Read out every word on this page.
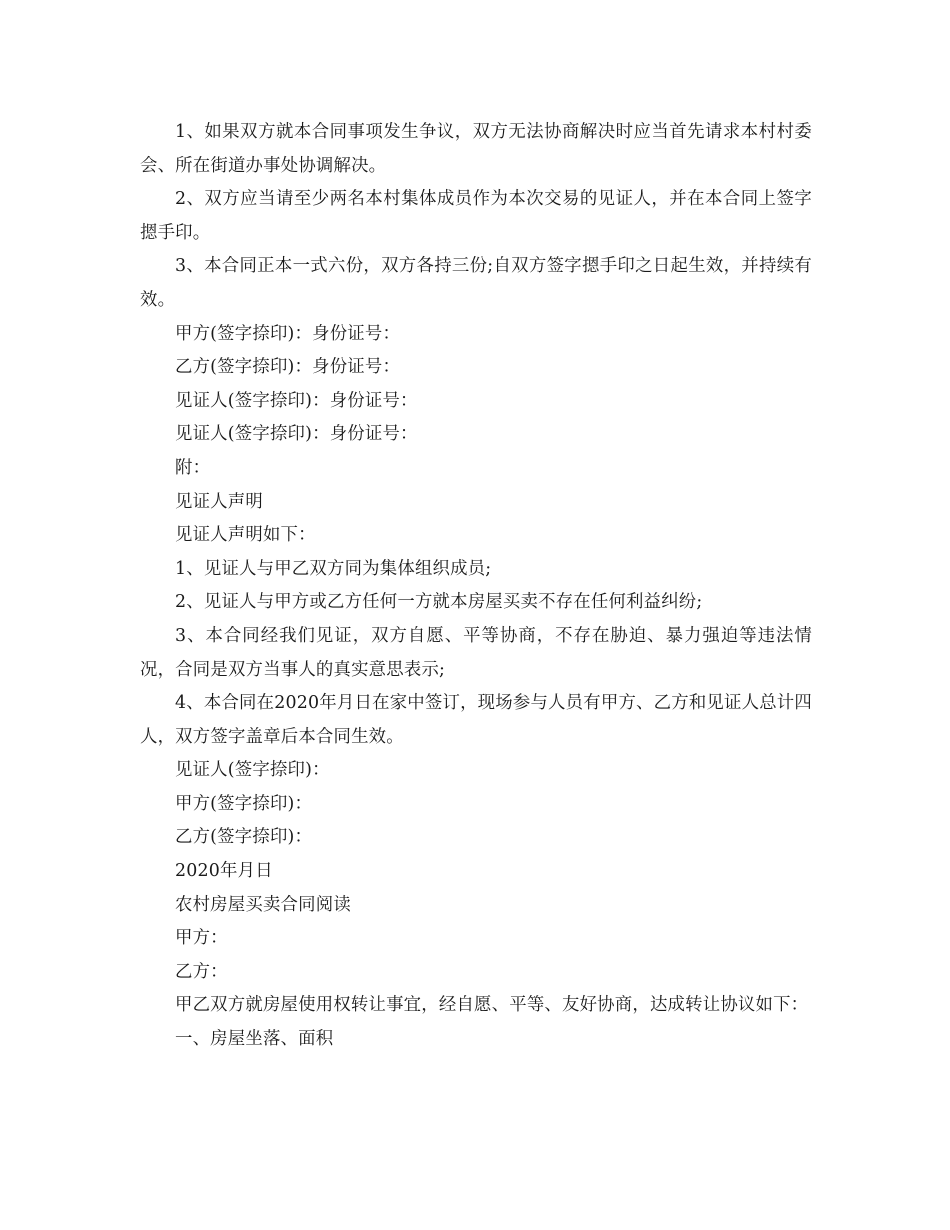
1、如果双方就本合同事项发生争议，双方无法协商解决时应当首先请求本村村委会、所在街道办事处协调解决。

2、双方应当请至少两名本村集体成员作为本次交易的见证人，并在本合同上签字摁手印。

3、本合同正本一式六份，双方各持三份;自双方签字摁手印之日起生效，并持续有效。

甲方(签字捺印)：身份证号：

乙方(签字捺印)：身份证号：

见证人(签字捺印)：身份证号：

见证人(签字捺印)：身份证号：

附：

见证人声明

见证人声明如下：

1、见证人与甲乙双方同为集体组织成员;

2、见证人与甲方或乙方任何一方就本房屋买卖不存在任何利益纠纷;

3、本合同经我们见证，双方自愿、平等协商，不存在胁迫、暴力强迫等违法情况，合同是双方当事人的真实意思表示;

4、本合同在2020年月日在家中签订，现场参与人员有甲方、乙方和见证人总计四人，双方签字盖章后本合同生效。

见证人(签字捺印)：

甲方(签字捺印)：

乙方(签字捺印)：

2020年月日

农村房屋买卖合同阅读

甲方：

乙方：

甲乙双方就房屋使用权转让事宜，经自愿、平等、友好协商，达成转让协议如下：

一、房屋坐落、面积
